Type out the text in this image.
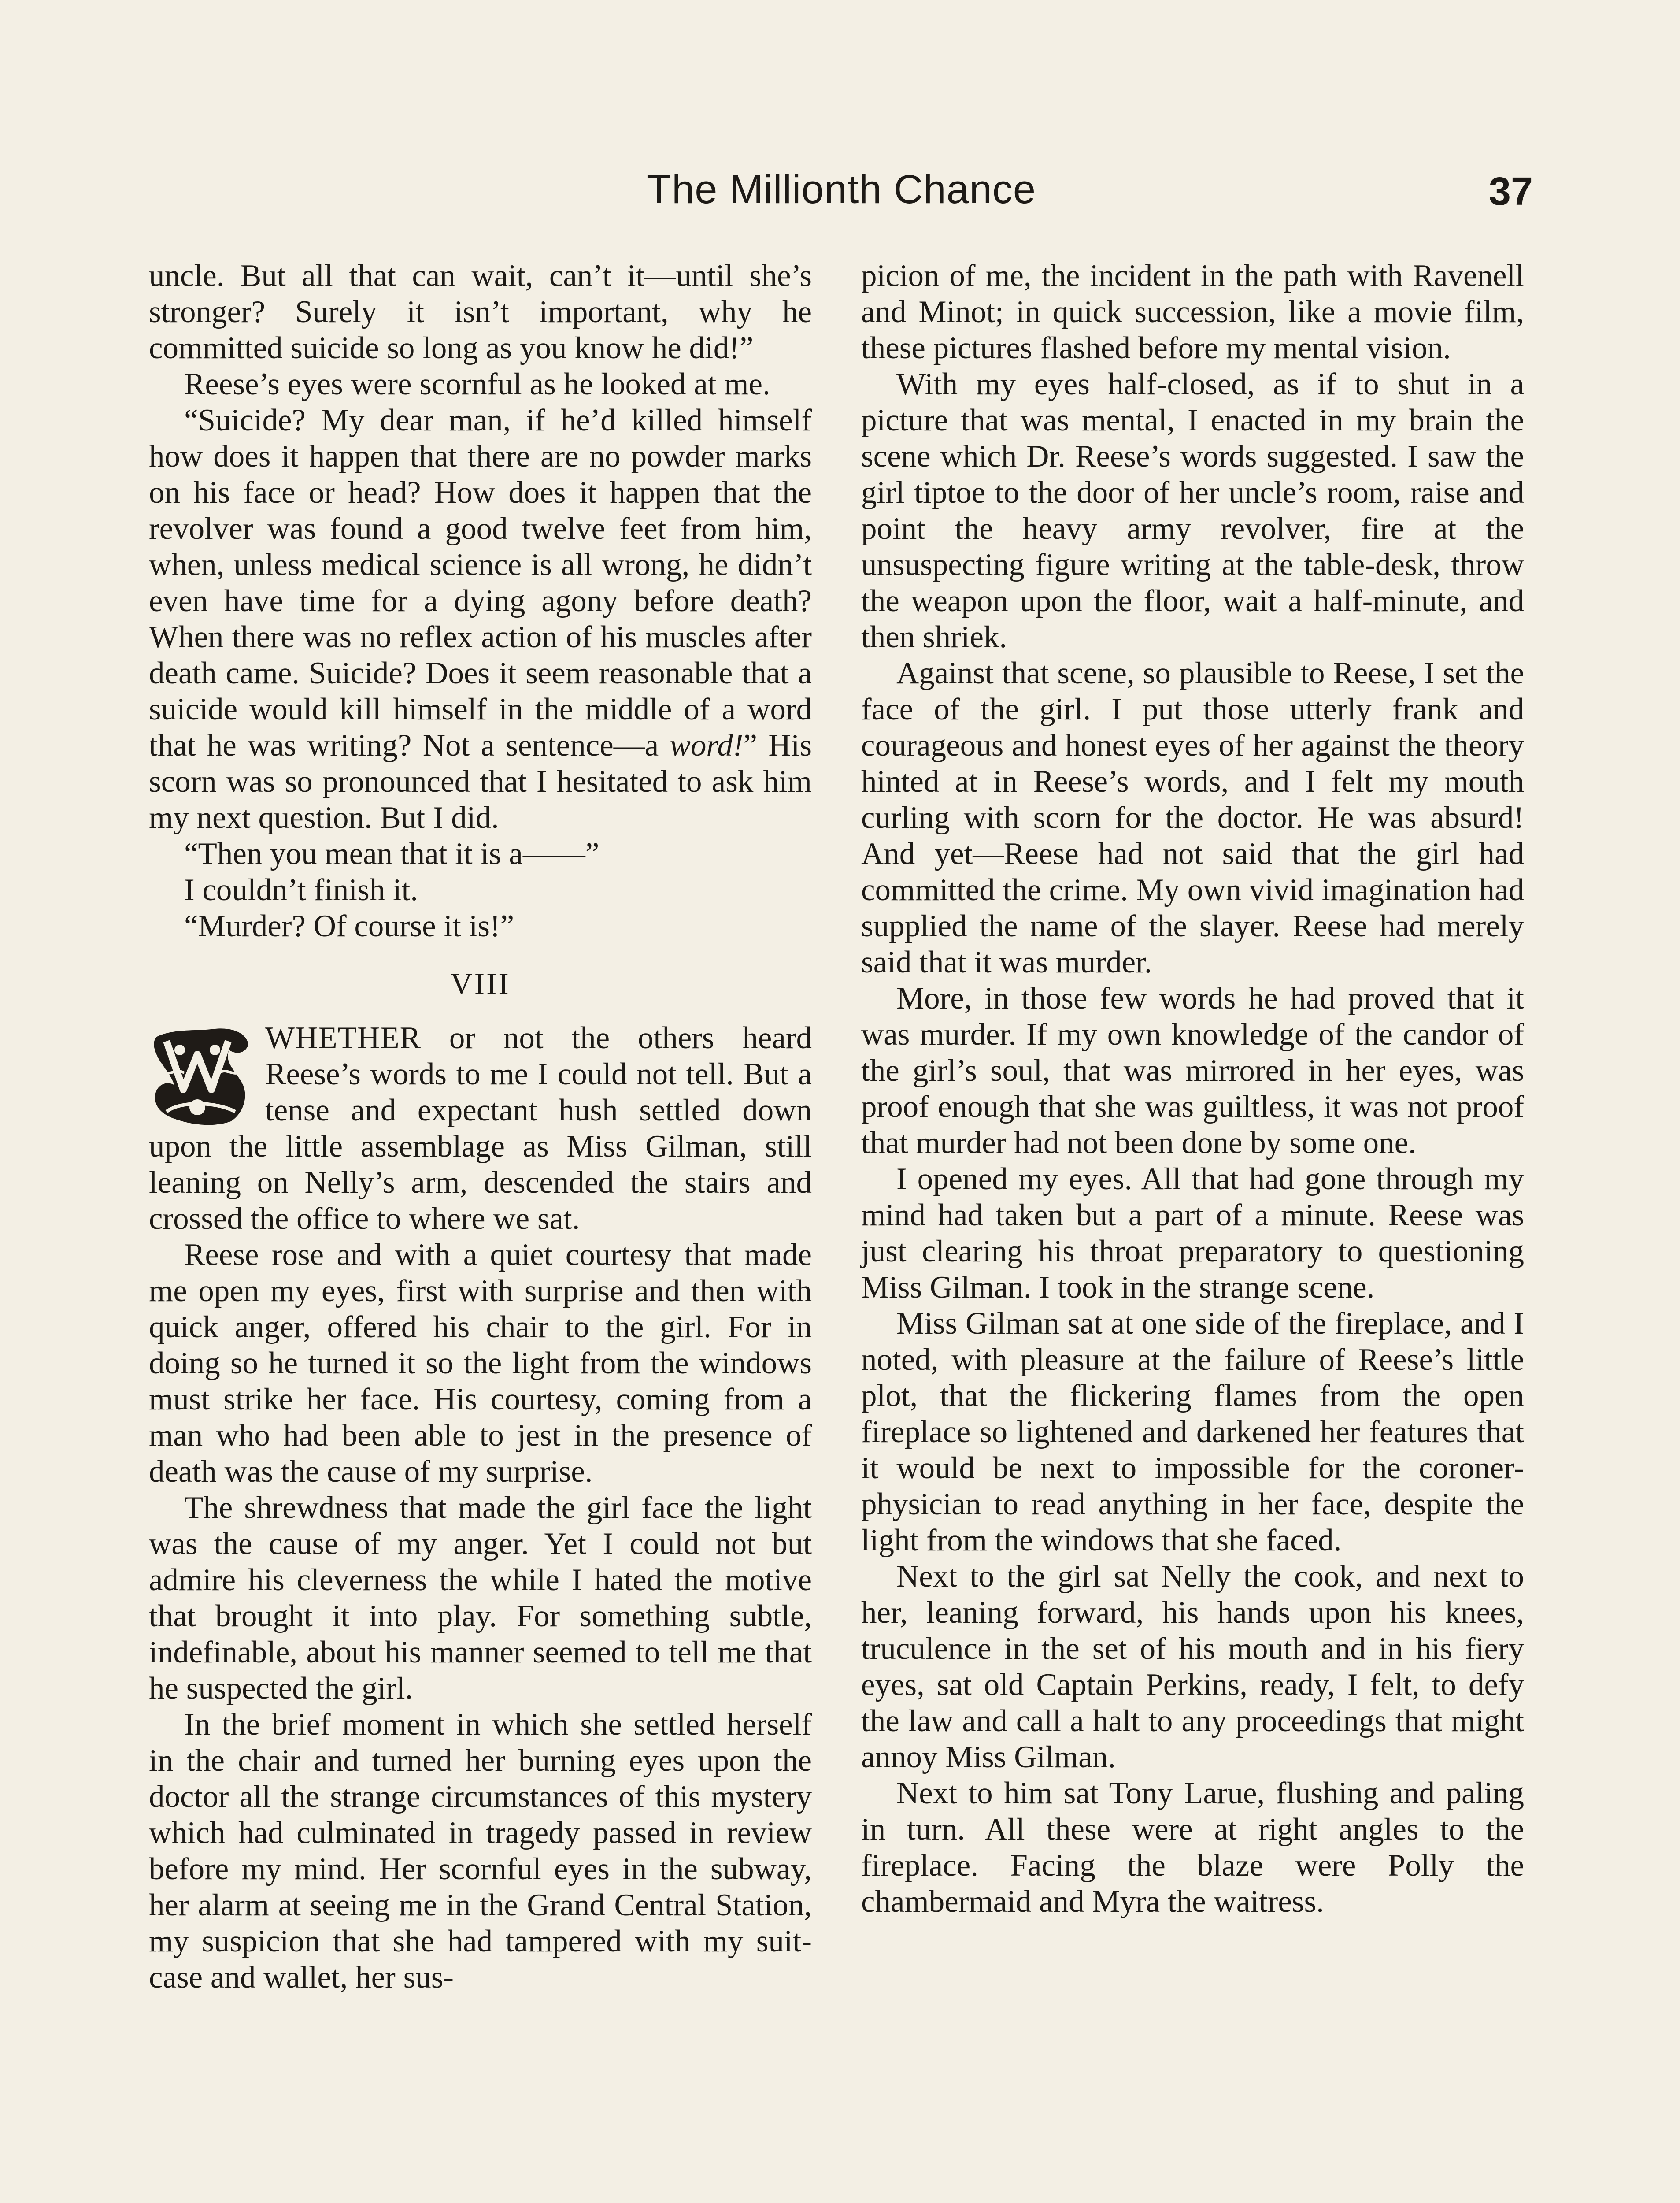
The Millionth Chance	37

uncle. But all that can wait, can’t it—until she’s stronger? Surely it isn’t important, why he committed suicide so long as you know he did!”

Reese’s eyes were scornful as he looked at me.

“Suicide? My dear man, if he’d killed himself how does it happen that there are no powder marks on his face or head? How does it happen that the revolver was found a good twelve feet from him, when, unless medical science is all wrong, he didn’t even have time for a dying agony before death? When there was no reflex action of his muscles after death came. Suicide? Does it seem reasonable that a suicide would kill himself in the middle of a word that he was writing? Not a sentence—a word!” His scorn was so pronounced that I hesitated to ask him my next question. But I did.

“Then you mean that it is a——”

I couldn’t finish it.

“Murder? Of course it is!”

VIII

WHETHER or not the others heard Reese’s words to me I could not tell. But a tense and expectant hush settled down upon the little assemblage as Miss Gilman, still leaning on Nelly’s arm, descended the stairs and crossed the office to where we sat.

Reese rose and with a quiet courtesy that made me open my eyes, first with surprise and then with quick anger, offered his chair to the girl. For in doing so he turned it so the light from the windows must strike her face. His courtesy, coming from a man who had been able to jest in the presence of death was the cause of my surprise.

The shrewdness that made the girl face the light was the cause of my anger. Yet I could not but admire his cleverness the while I hated the motive that brought it into play. For something subtle, indefinable, about his manner seemed to tell me that he suspected the girl.

In the brief moment in which she settled herself in the chair and turned her burning eyes upon the doctor all the strange circumstances of this mystery which had culminated in tragedy passed in review before my mind. Her scornful eyes in the subway, her alarm at seeing me in the Grand Central Station, my suspicion that she had tampered with my suit-case and wallet, her sus-

picion of me, the incident in the path with Ravenell and Minot; in quick succession, like a movie film, these pictures flashed before my mental vision.

With my eyes half-closed, as if to shut in a picture that was mental, I enacted in my brain the scene which Dr. Reese’s words suggested. I saw the girl tiptoe to the door of her uncle’s room, raise and point the heavy army revolver, fire at the unsuspecting figure writing at the table-desk, throw the weapon upon the floor, wait a half-minute, and then shriek.

Against that scene, so plausible to Reese, I set the face of the girl. I put those utterly frank and courageous and honest eyes of her against the theory hinted at in Reese’s words, and I felt my mouth curling with scorn for the doctor. He was absurd! And yet—Reese had not said that the girl had committed the crime. My own vivid imagination had supplied the name of the slayer. Reese had merely said that it was murder.

More, in those few words he had proved that it was murder. If my own knowledge of the candor of the girl’s soul, that was mirrored in her eyes, was proof enough that she was guiltless, it was not proof that murder had not been done by some one.

I opened my eyes. All that had gone through my mind had taken but a part of a minute. Reese was just clearing his throat preparatory to questioning Miss Gilman. I took in the strange scene.

Miss Gilman sat at one side of the fireplace, and I noted, with pleasure at the failure of Reese’s little plot, that the flickering flames from the open fireplace so lightened and darkened her features that it would be next to impossible for the coroner-physician to read anything in her face, despite the light from the windows that she faced.

Next to the girl sat Nelly the cook, and next to her, leaning forward, his hands upon his knees, truculence in the set of his mouth and in his fiery eyes, sat old Captain Perkins, ready, I felt, to defy the law and call a halt to any proceedings that might annoy Miss Gilman.

Next to him sat Tony Larue, flushing and paling in turn. All these were at right angles to the fireplace. Facing the blaze were Polly the chambermaid and Myra the waitress.
